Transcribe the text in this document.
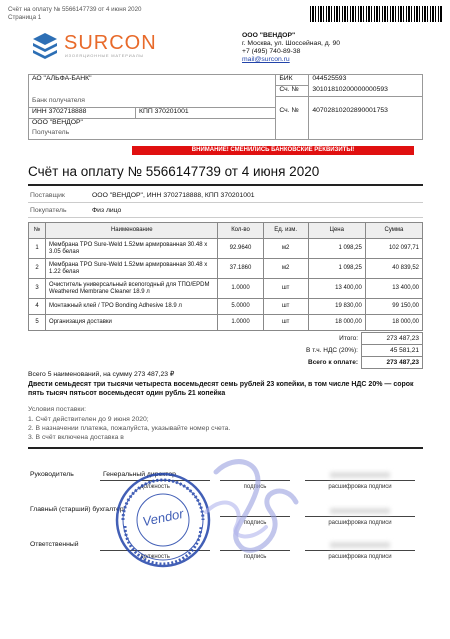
Счёт на оплату № 5566147739 от 4 июня 2020
Страница 1
SURCON
ИЗОЛЯЦИОННЫЕ МАТЕРИАЛЫ
ООО "ВЕНДОР"
г. Москва, ул. Шоссейная, д. 90
+7 (495) 740-89-38
mail@surcon.ru
АО "АЛЬФА-БАНК"		БИК	044525593
		Сч. №	30101810200000000593
Банк получателя			
ИНН 3702718888	КПП 370201001	Сч. №	40702810202890001753
ООО "ВЕНДОР"			
Получатель			
ВНИМАНИЕ! СМЕНИЛИСЬ БАНКОВСКИЕ РЕКВИЗИТЫ!
Счёт на оплату № 5566147739 от 4 июня 2020
Поставщик	ООО "ВЕНДОР", ИНН 3702718888, КПП 370201001
Покупатель	Физ лицо
№	Наименование	Кол-во	Ед. изм.	Цена	Сумма
1	Мембрана TPO Sure-Weld 1.52мм армированная 30.48 х 3.05 белая	92.9640	м2	1 098,25	102 097,71
2	Мембрана TPO Sure-Weld 1.52мм армированная 30.48 х 1.22 белая	37.1860	м2	1 098,25	40 839,52
3	Очиститель универсальный всепогодный для ТПО/EPDM Weathered Membrane Cleaner 18.9 л	1.0000	шт	13 400,00	13 400,00
4	Монтажный клей / TPO Bonding Adhesive 18.9 л	5.0000	шт	19 830,00	99 150,00
5	Организация доставки	1.0000	шт	18 000,00	18 000,00
Итого:	273 487,23
В т.ч. НДС (20%):	45 581,21
Всего к оплате:	273 487,23
Всего 5 наименований, на сумму 273 487,23 ₽
Двести семьдесят три тысячи четыреста восемьдесят семь рублей 23 копейки, в том числе НДС 20% — сорок пять тысяч пятьсот восемьдесят один рубль 21 копейка
Условия поставки:
1. Счёт действителен до 9 июня 2020;
2. В назначении платежа, пожалуйста, указывайте номер счета.
3. В счёт включена доставка в
Руководитель	Генеральный директор
должность	подпись	расшифровка подписи
Главный (старший) бухгалтер
подпись	расшифровка подписи
Ответственный
должность	подпись	расшифровка подписи
Vendor
